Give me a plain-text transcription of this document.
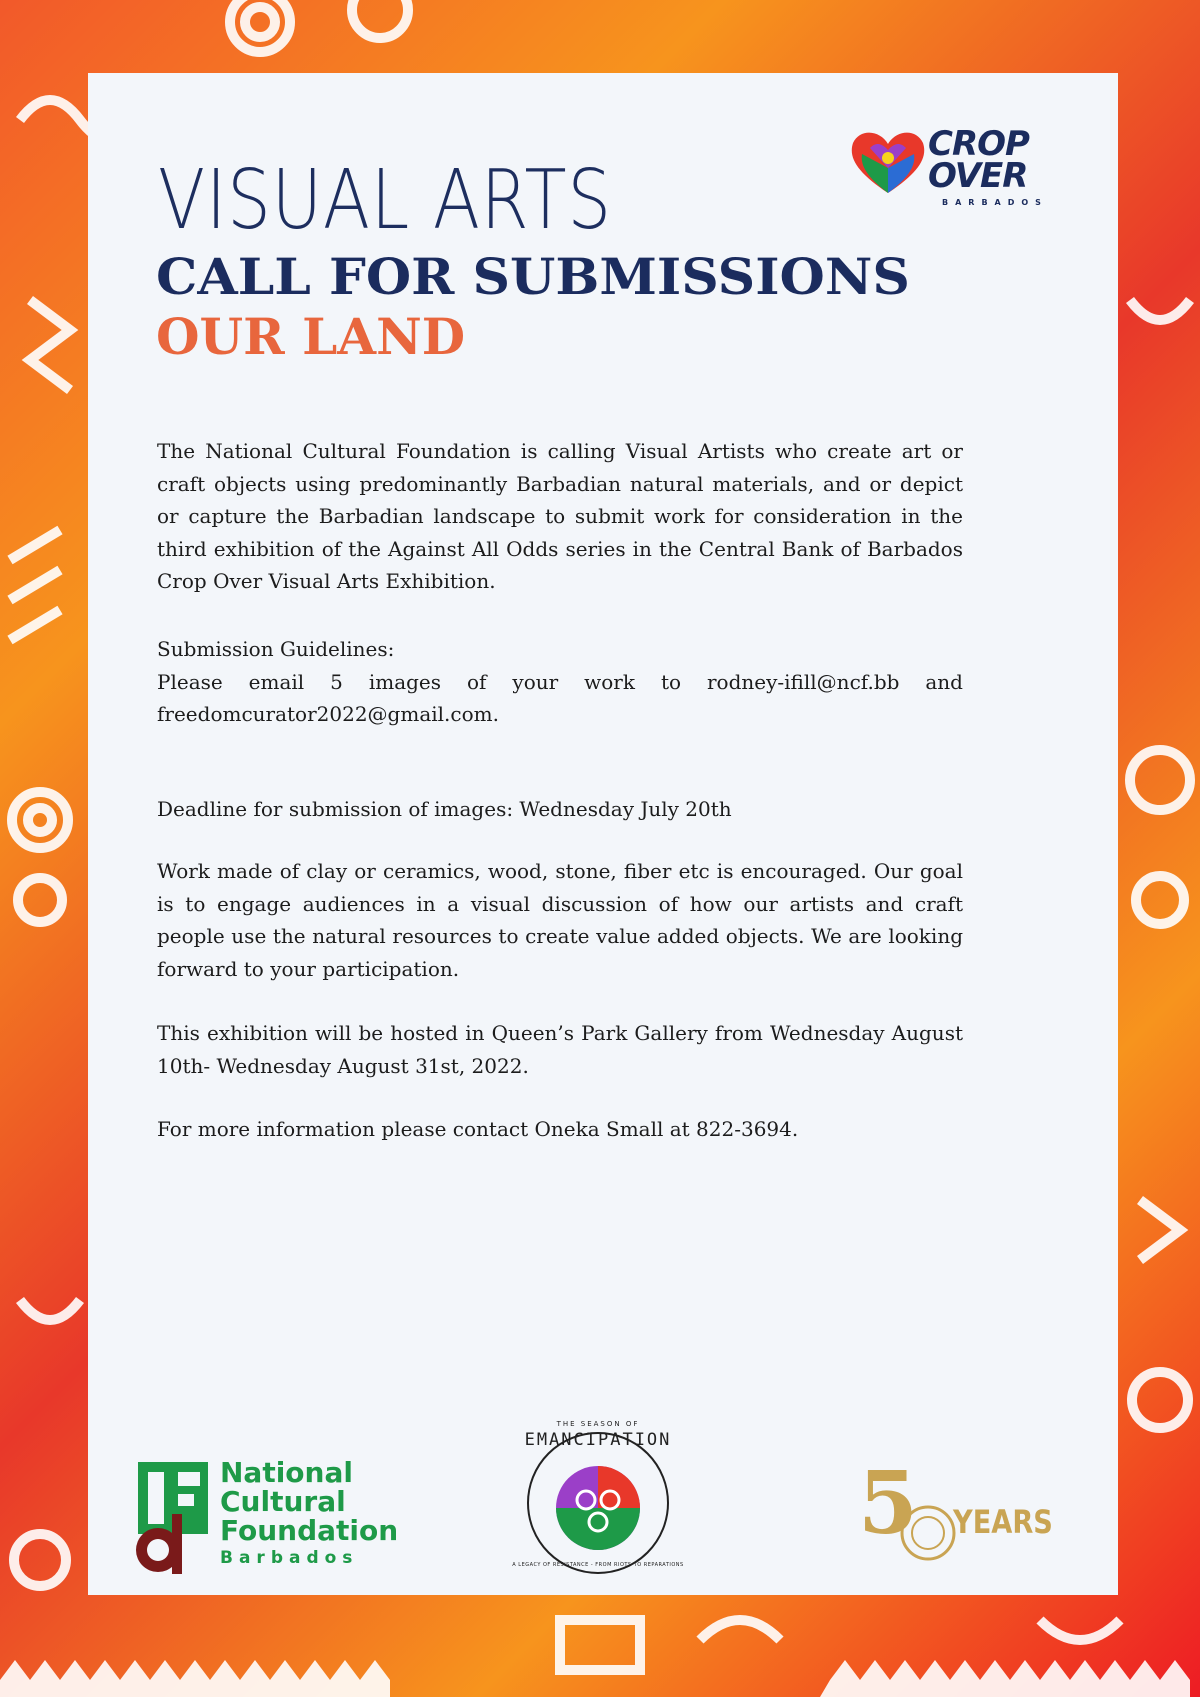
VISUAL ARTS
CALL FOR SUBMISSIONS
OUR LAND
CROP
OVER
BARBADOS
The National Cultural Foundation is calling Visual Artists who create art or craft objects using predominantly Barbadian natural materials, and or depict or capture the Barbadian landscape to submit work for consideration in the third exhibition of the Against All Odds series in the Central Bank of Barbados Crop Over Visual Arts Exhibition.
Submission Guidelines:
Please email 5 images of your work to rodney-ifill@ncf.bb and freedomcurator2022@gmail.com.
Deadline for submission of images: Wednesday July 20th
Work made of clay or ceramics, wood, stone, fiber etc is encouraged. Our goal is to engage audiences in a visual discussion of how our artists and craft people use the natural resources to create value added objects. We are looking forward to your participation.
This exhibition will be hosted in Queen’s Park Gallery from Wednesday August 10th- Wednesday August 31st, 2022.
For more information please contact Oneka Small at 822-3694.
National
Cultural
Foundation
Barbados
THE SEASON OF
EMANCIPATION
A LEGACY OF RESISTANCE - FROM RIOTS TO REPARATIONS
5 YEARS
